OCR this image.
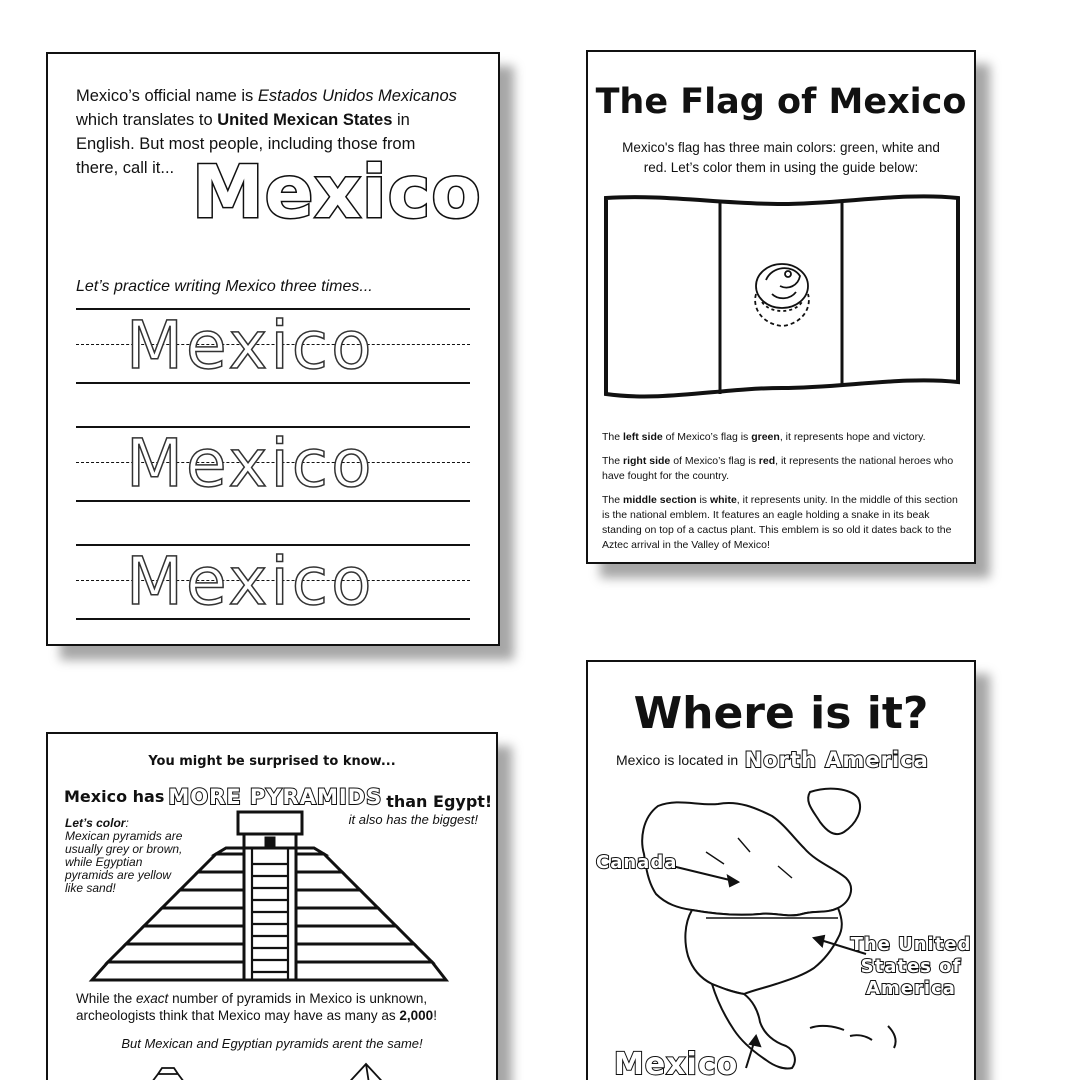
Mexico’s official name is Estados Unidos Mexicanos
which translates to United Mexican States in
English. But most people, including those from
there, call it... Mexico
Let’s practice writing Mexico three times...
Mexico
Mexico
Mexico
The Flag of Mexico
Mexico's flag has three main colors: green, white and red. Let’s color them in using the guide below:

The left side of Mexico’s flag is green, it represents hope and victory.

The right side of Mexico’s flag is red, it represents the national heroes who have fought for the country.

The middle section is white, it represents unity. In the middle of this section is the national emblem. It features an eagle holding a snake in its beak standing on top of a cactus plant. This emblem is so old it dates back to the Aztec arrival in the Valley of Mexico!

You might be surprised to know...
Mexico has MORE PYRAMIDS than Egypt!
it also has the biggest!
Let’s color:
Mexican pyramids are usually grey or brown, while Egyptian pyramids are yellow like sand!

While the exact number of pyramids in Mexico is unknown, archeologists think that Mexico may have as many as 2,000!

But Mexican and Egyptian pyramids arent the same!
Where is it?
Mexico is located in North America
Canada
The United States of America
Mexico
